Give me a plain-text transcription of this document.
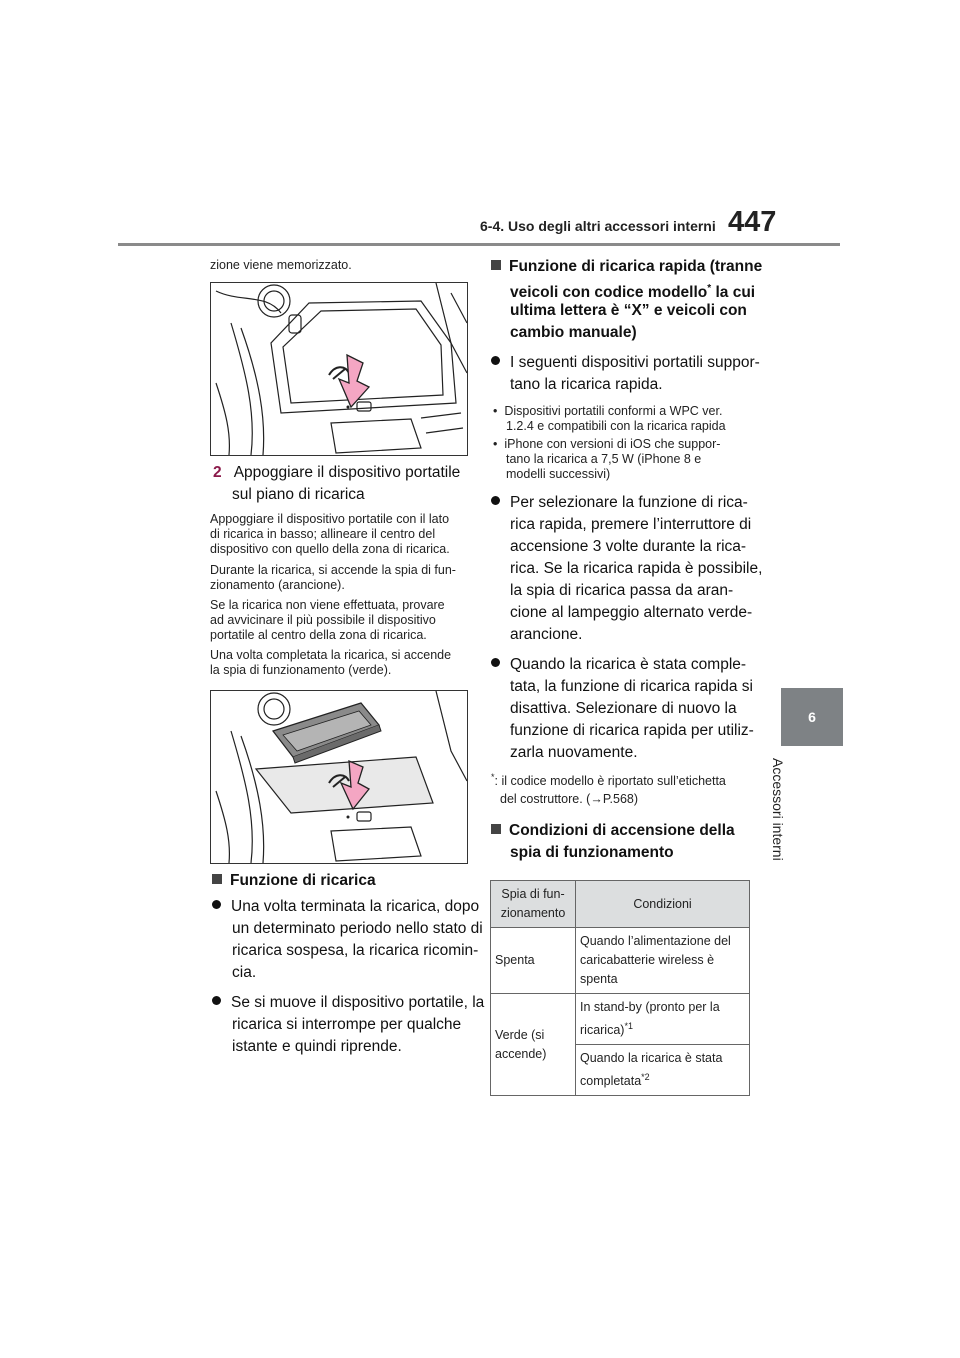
6-4. Uso degli altri accessori interni 447
6
Accessori interni
zione viene memorizzato.
2 Appoggiare il dispositivo portatile
sul piano di ricarica
Appoggiare il dispositivo portatile con il lato
di ricarica in basso; allineare il centro del
dispositivo con quello della zona di ricarica.
Durante la ricarica, si accende la spia di fun-
zionamento (arancione).
Se la ricarica non viene effettuata, provare
ad avvicinare il più possibile il dispositivo
portatile al centro della zona di ricarica.
Una volta completata la ricarica, si accende
la spia di funzionamento (verde).
Funzione di ricarica
Una volta terminata la ricarica, dopo
un determinato periodo nello stato di
ricarica sospesa, la ricarica ricomin-
cia.
Se si muove il dispositivo portatile, la
ricarica si interrompe per qualche
istante e quindi riprende.
Funzione di ricarica rapida (tranne
veicoli con codice modello* la cui
ultima lettera è “X” e veicoli con
cambio manuale)
I seguenti dispositivi portatili suppor-
tano la ricarica rapida.
•  Dispositivi portatili conformi a WPC ver.
1.2.4 e compatibili con la ricarica rapida
•  iPhone con versioni di iOS che suppor-
tano la ricarica a 7,5 W (iPhone 8 e
modelli successivi)
Per selezionare la funzione di rica-
rica rapida, premere l’interruttore di
accensione 3 volte durante la rica-
rica. Se la ricarica rapida è possibile,
la spia di ricarica passa da aran-
cione al lampeggio alternato verde-
arancione.
Quando la ricarica è stata comple-
tata, la funzione di ricarica rapida si
disattiva. Selezionare di nuovo la
funzione di ricarica rapida per utiliz-
zarla nuovamente.
*: il codice modello è riportato sull’etichetta
del costruttore. (→P.568)
Condizioni di accensione della
spia di funzionamento
Spia di fun-zionamento	Condizioni
Spenta	Quando l’alimentazione del caricabatterie wireless è spenta
Verde (si accende)	In stand-by (pronto per la ricarica)$^{*1}$
	Quando la ricarica è stata completata$^{*2}$
